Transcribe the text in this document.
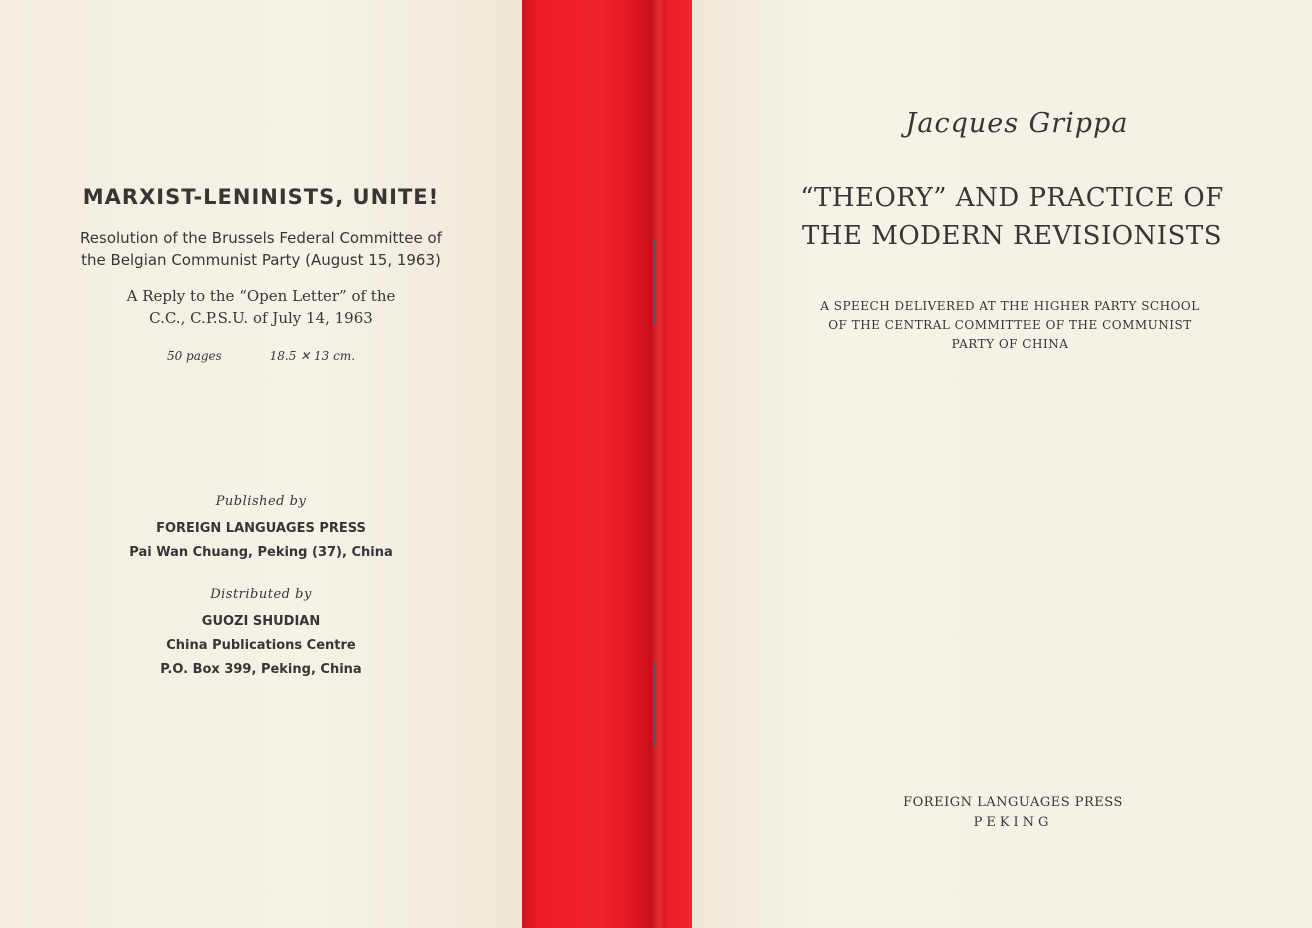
MARXIST-LENINISTS, UNITE!

Resolution of the Brussels Federal Committee of
the Belgian Communist Party (August 15, 1963)

A Reply to the “Open Letter” of the
C.C., C.P.S.U. of July 14, 1963

50 pages	18.5 ✕ 13 cm.

Published by

FOREIGN LANGUAGES PRESS

Pai Wan Chuang, Peking (37), China

Distributed by

GUOZI SHUDIAN

China Publications Centre

P.O. Box 399, Peking, China

Jacques Grippa

“THEORY” AND PRACTICE OF
THE MODERN REVISIONISTS

A SPEECH DELIVERED AT THE HIGHER PARTY SCHOOL
OF THE CENTRAL COMMITTEE OF THE COMMUNIST
PARTY OF CHINA

FOREIGN LANGUAGES PRESS
PEKING
